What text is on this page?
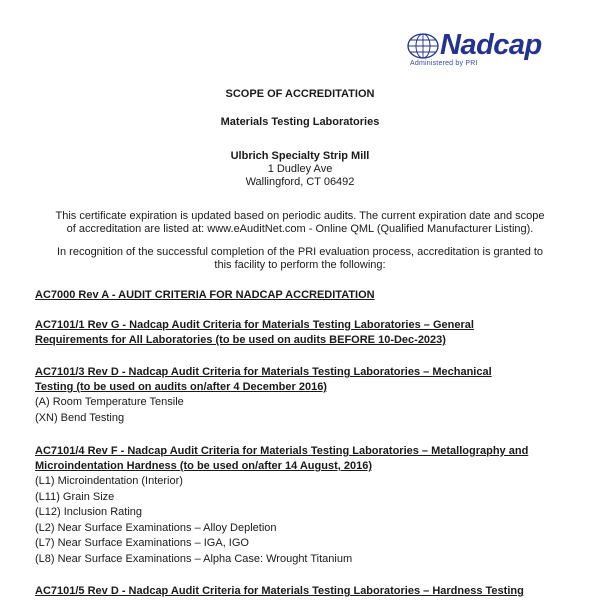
Nadcap
Administered by PRI
SCOPE OF ACCREDITATION
Materials Testing Laboratories
Ulbrich Specialty Strip Mill
1 Dudley Ave
Wallingford, CT 06492
This certificate expiration is updated based on periodic audits. The current expiration date and scope
of accreditation are listed at: www.eAuditNet.com - Online QML (Qualified Manufacturer Listing).
In recognition of the successful completion of the PRI evaluation process, accreditation is granted to
this facility to perform the following:
AC7000 Rev A - AUDIT CRITERIA FOR NADCAP ACCREDITATION
AC7101/1 Rev G - Nadcap Audit Criteria for Materials Testing Laboratories – General
Requirements for All Laboratories (to be used on audits BEFORE 10-Dec-2023)
AC7101/3 Rev D - Nadcap Audit Criteria for Materials Testing Laboratories – Mechanical
Testing (to be used on audits on/after 4 December 2016)
(A) Room Temperature Tensile
(XN) Bend Testing
AC7101/4 Rev F - Nadcap Audit Criteria for Materials Testing Laboratories – Metallography and
Microindentation Hardness (to be used on/after 14 August, 2016)
(L1) Microindentation (Interior)
(L11) Grain Size
(L12) Inclusion Rating
(L2) Near Surface Examinations – Alloy Depletion
(L7) Near Surface Examinations – IGA, IGO
(L8) Near Surface Examinations – Alpha Case: Wrought Titanium
AC7101/5 Rev D - Nadcap Audit Criteria for Materials Testing Laboratories – Hardness Testing
